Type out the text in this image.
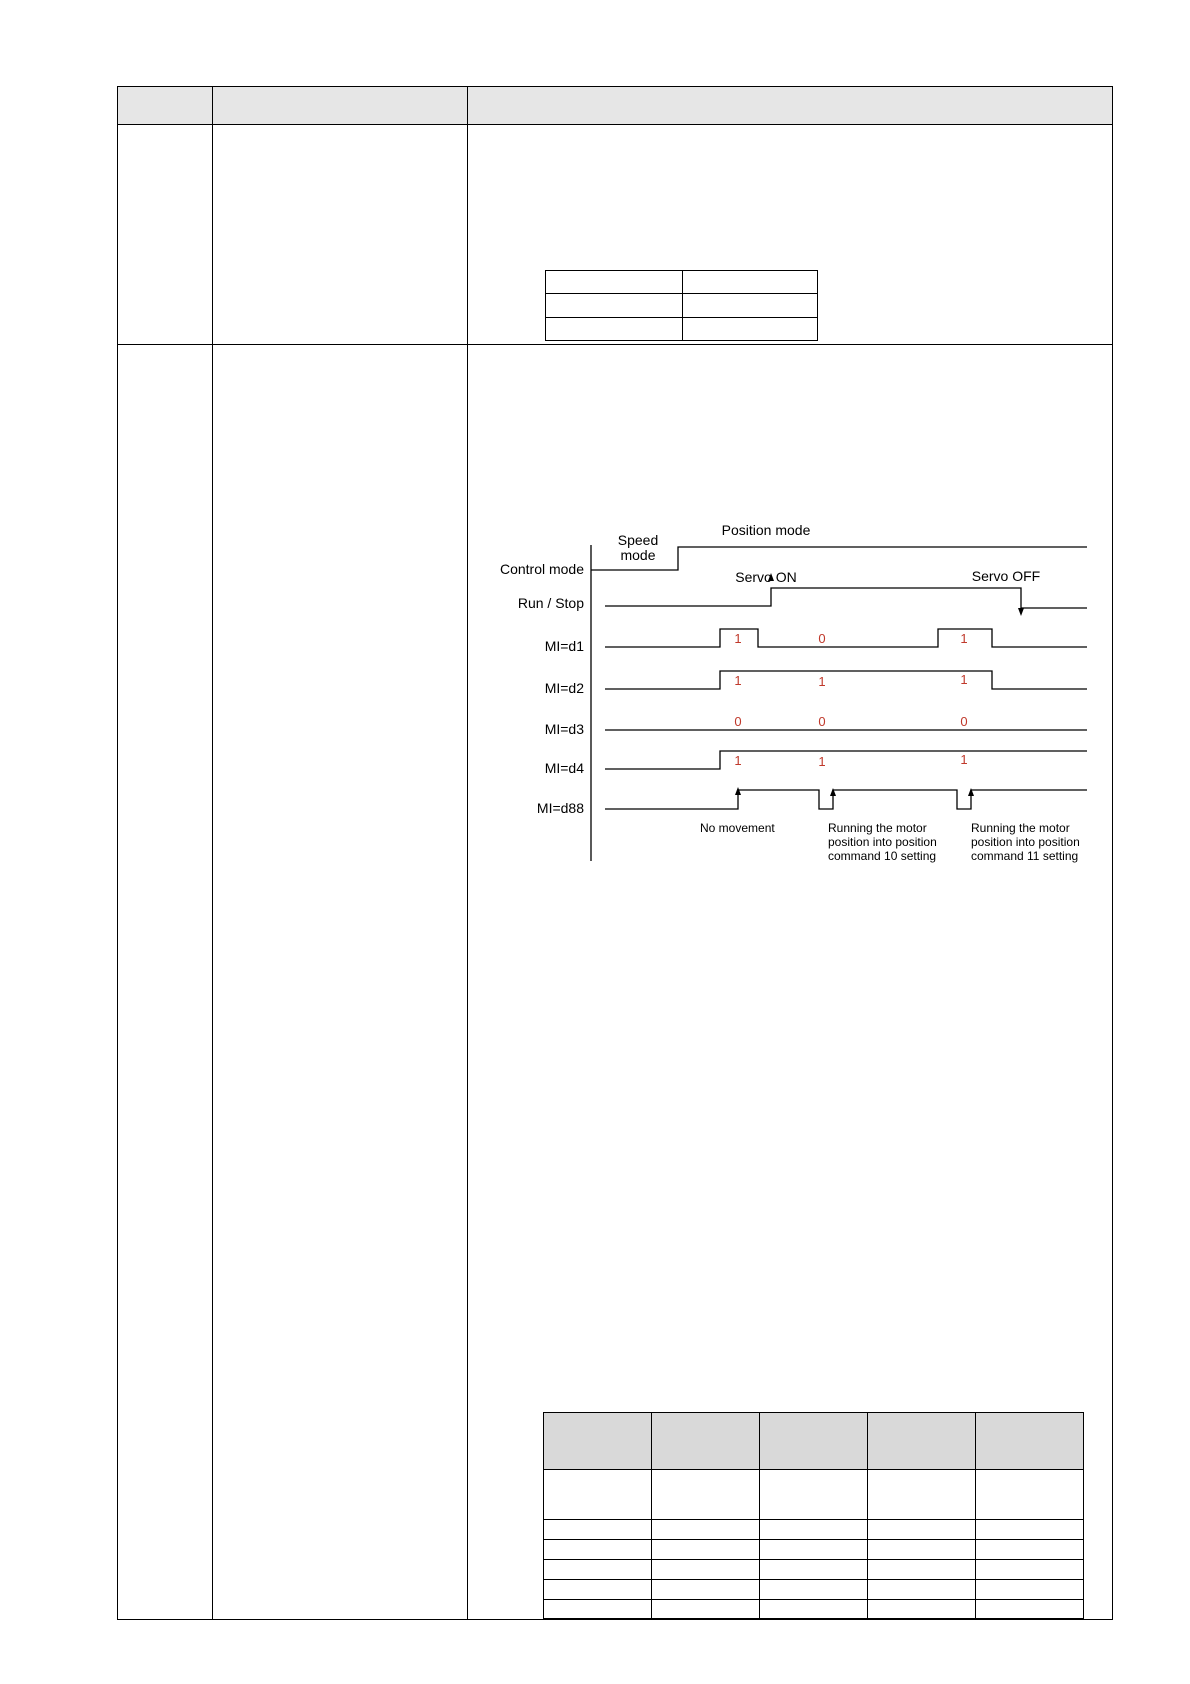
Speed
mode
Position mode
Control mode
Run / Stop
MI=d1
MI=d2
MI=d3
MI=d4
MI=d88
Servo ON	Servo OFF
1	0	1
1	1	1
0	0	0
1	1	1
No movement	Running the motor
position into position
command 10 setting
Running the motor
position into position
command 11 setting
